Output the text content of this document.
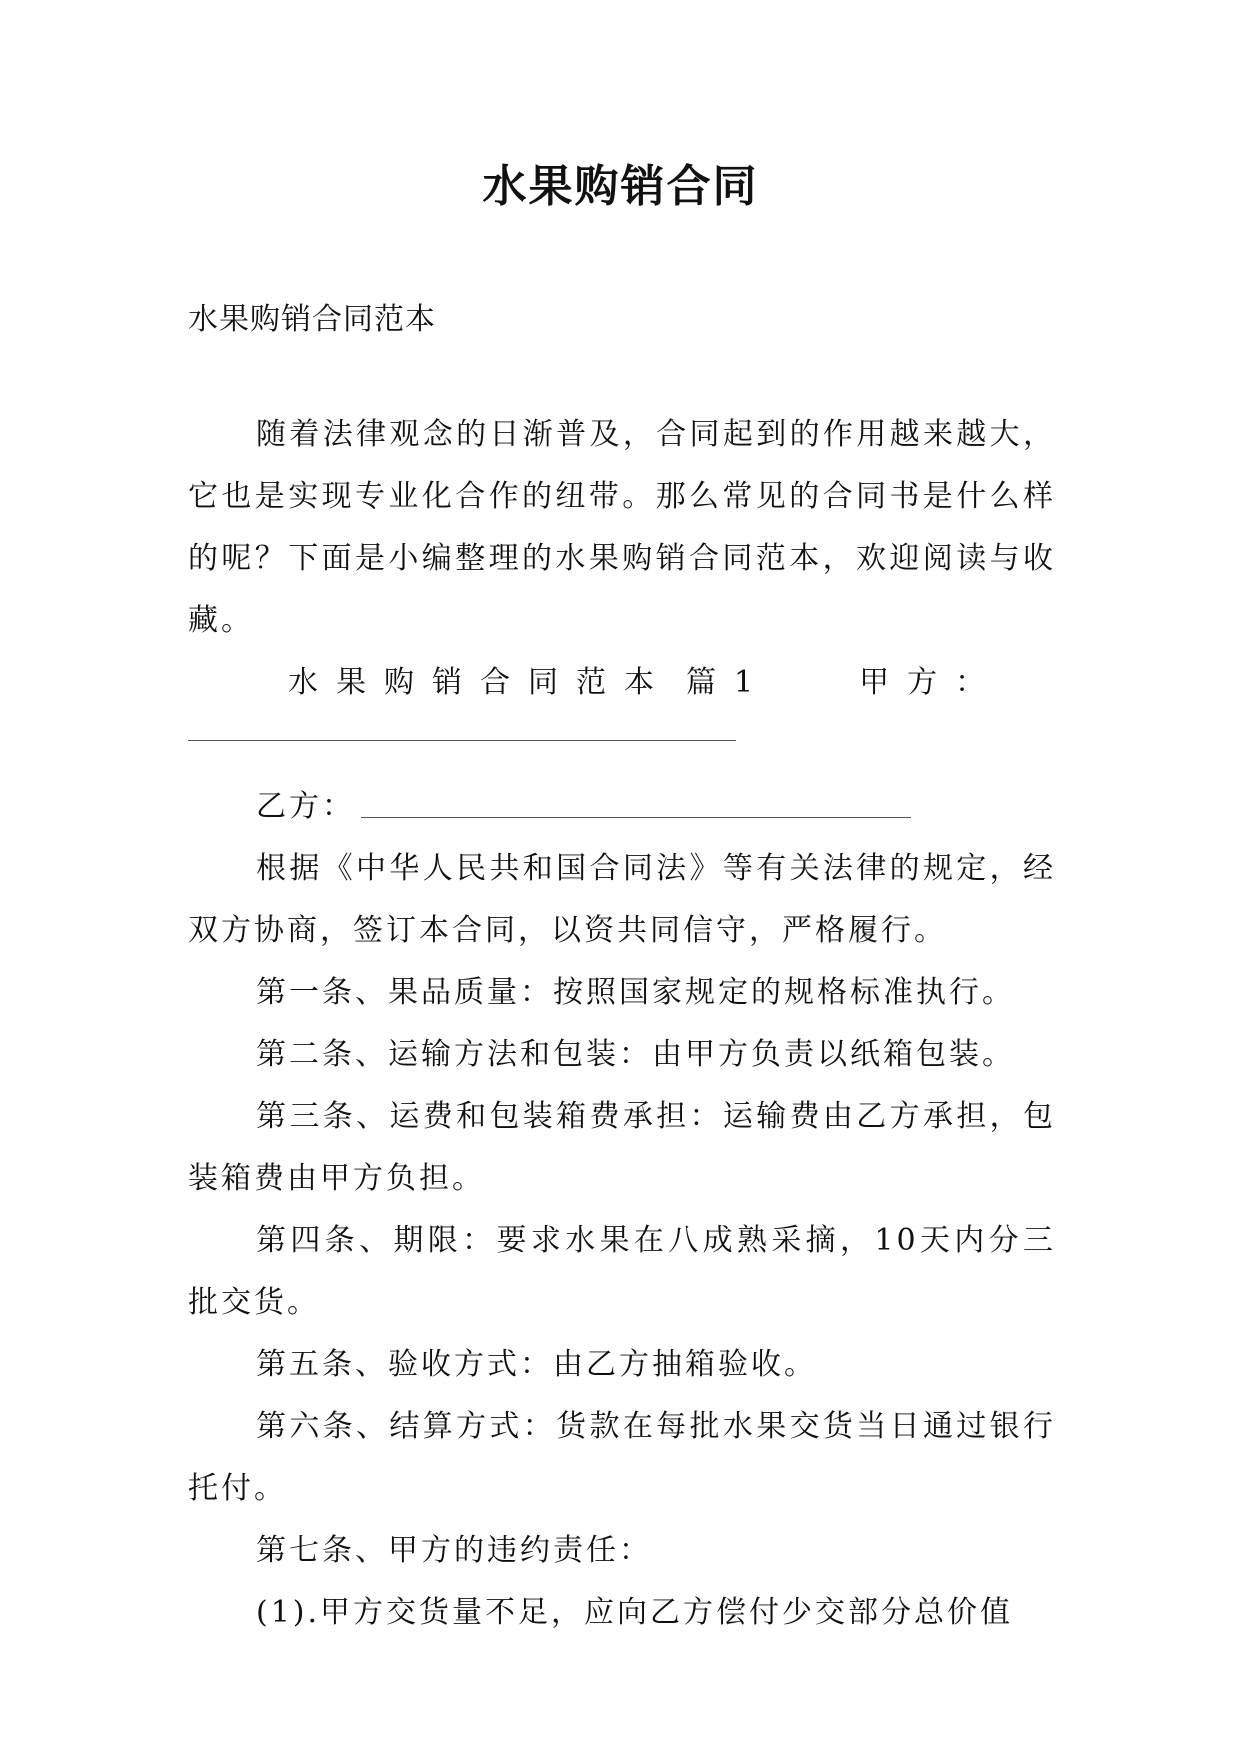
水果购销合同
水果购销合同范本

随着法律观念的日渐普及，合同起到的作用越来越大，它也是实现专业化合作的纽带。那么常见的合同书是什么样的呢？下面是小编整理的水果购销合同范本，欢迎阅读与收藏。

水果购销合同范本 篇1	甲方：

乙方：

根据《中华人民共和国合同法》等有关法律的规定，经双方协商，签订本合同，以资共同信守，严格履行。

第一条、果品质量：按照国家规定的规格标准执行。

第二条、运输方法和包装：由甲方负责以纸箱包装。

第三条、运费和包装箱费承担：运输费由乙方承担，包装箱费由甲方负担。

第四条、期限：要求水果在八成熟采摘，10天内分三批交货。

第五条、验收方式：由乙方抽箱验收。

第六条、结算方式：货款在每批水果交货当日通过银行托付。

第七条、甲方的违约责任：

(1).甲方交货量不足，应向乙方偿付少交部分总价值
